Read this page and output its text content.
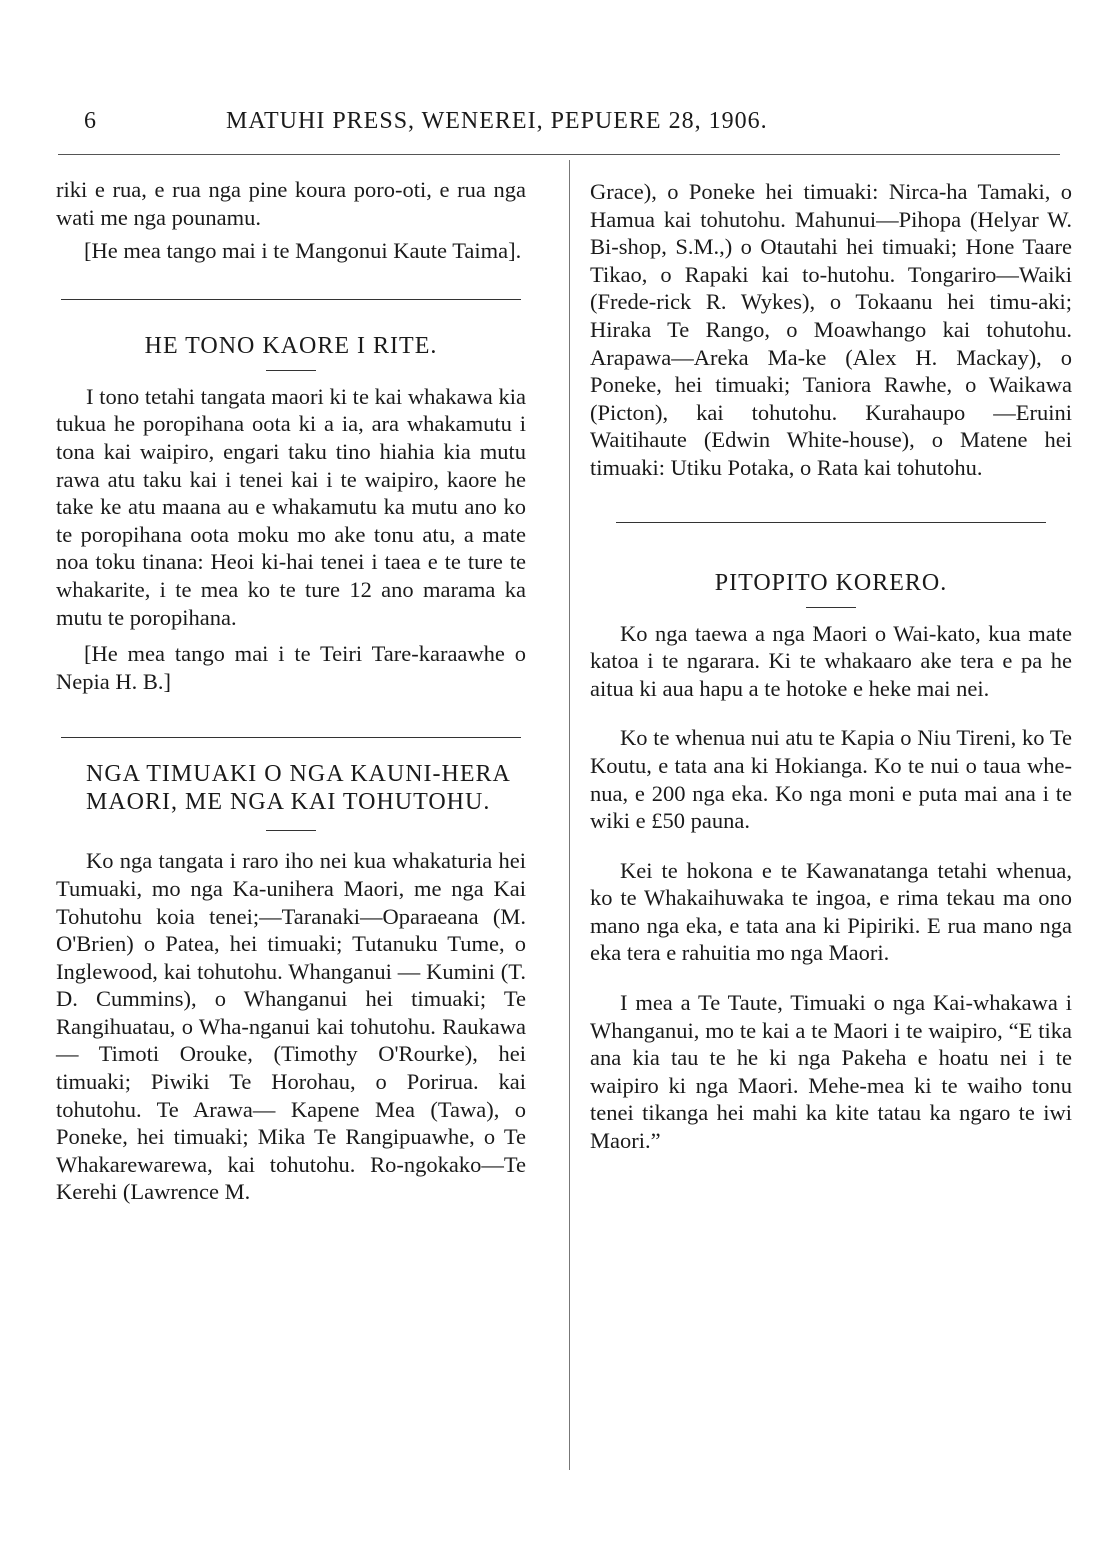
6	MATUHI PRESS, WENEREI, PEPUERE 28, 1906.

riki e rua, e rua nga pine koura poro-oti, e rua nga wati me nga pounamu.

[He mea tango mai i te Mangonui Kaute Taima].

HE TONO KAORE I RITE.

I tono tetahi tangata maori ki te kai whakawa kia tukua he poropihana oota ki a ia, ara whakamutu i tona kai waipiro, engari taku tino hiahia kia mutu rawa atu taku kai i tenei kai i te waipiro, kaore he take ke atu maana au e whakamutu ka mutu ano ko te poropihana oota moku mo ake tonu atu, a mate noa toku tinana: Heoi ki-hai tenei i taea e te ture te whakarite, i te mea ko te ture 12 ano marama ka mutu te poropihana.

[He mea tango mai i te Teiri Tare-karaawhe o Nepia H. B.]

NGA TIMUAKI O NGA KAUNI-HERA MAORI, ME NGA KAI TOHUTOHU.

Ko nga tangata i raro iho nei kua whakaturia hei Tumuaki, mo nga Ka-unihera Maori, me nga Kai Tohutohu koia tenei;—Taranaki—Oparaeana (M. O'Brien) o Patea, hei timuaki; Tutanuku Tume, o Inglewood, kai tohutohu. Whanganui — Kumini (T. D. Cummins), o Whanganui hei timuaki; Te Rangihuatau, o Wha-nganui kai tohutohu. Raukawa— Timoti Orouke, (Timothy O'Rourke), hei timuaki; Piwiki Te Horohau, o Porirua. kai tohutohu. Te Arawa— Kapene Mea (Tawa), o Poneke, hei timuaki; Mika Te Rangipuawhe, o Te Whakarewarewa, kai tohutohu. Ro-ngokako—Te Kerehi (Lawrence M.

Grace), o Poneke hei timuaki: Nirca-ha Tamaki, o Hamua kai tohutohu. Mahunui—Pihopa (Helyar W. Bi-shop, S.M.,) o Otautahi hei timuaki; Hone Taare Tikao, o Rapaki kai to-hutohu. Tongariro—Waiki (Frede-rick R. Wykes), o Tokaanu hei timu-aki; Hiraka Te Rango, o Moawhango kai tohutohu. Arapawa—Areka Ma-ke (Alex H. Mackay), o Poneke, hei timuaki; Taniora Rawhe, o Waikawa (Picton), kai tohutohu. Kurahaupo —Eruini Waitihaute (Edwin White-house), o Matene hei timuaki: Utiku Potaka, o Rata kai tohutohu.

PITOPITO KORERO.

Ko nga taewa a nga Maori o Wai-kato, kua mate katoa i te ngarara. Ki te whakaaro ake tera e pa he aitua ki aua hapu a te hotoke e heke mai nei.

Ko te whenua nui atu te Kapia o Niu Tireni, ko Te Koutu, e tata ana ki Hokianga. Ko te nui o taua whe-nua, e 200 nga eka. Ko nga moni e puta mai ana i te wiki e £50 pauna.

Kei te hokona e te Kawanatanga tetahi whenua, ko te Whakaihuwaka te ingoa, e rima tekau ma ono mano nga eka, e tata ana ki Pipiriki. E rua mano nga eka tera e rahuitia mo nga Maori.

I mea a Te Taute, Timuaki o nga Kai-whakawa i Whanganui, mo te kai a te Maori i te waipiro, “E tika ana kia tau te he ki nga Pakeha e hoatu nei i te waipiro ki nga Maori. Mehe-mea ki te waiho tonu tenei tikanga hei mahi ka kite tatau ka ngaro te iwi Maori.”
